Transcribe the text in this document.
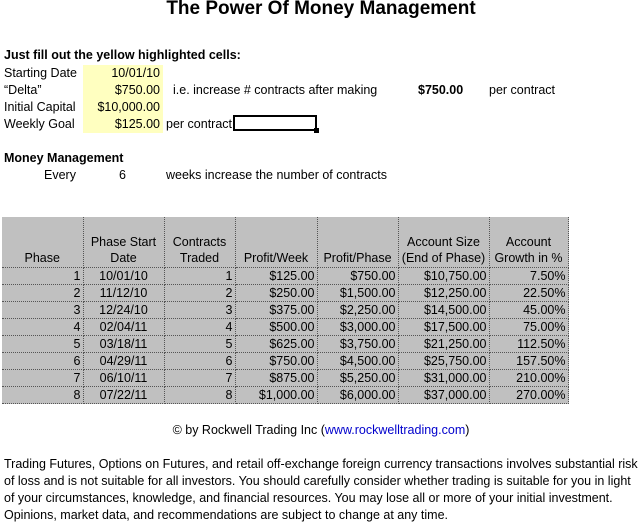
The Power Of Money Management
Just fill out the yellow highlighted cells:
Starting Date	10/01/10
“Delta”	$750.00 i.e. increase # contracts after making	$750.00 per contract
Initial Capital	$10,000.00
Weekly Goal	$125.00 per contract
Money Management
Every	6	weeks increase the number of contracts
Phase	Phase Start Date	Contracts Traded	Profit/Week	Profit/Phase	Account Size (End of Phase)	Account Growth in %
1	10/01/10	1	$125.00	$750.00	$10,750.00	7.50%
2	11/12/10	2	$250.00	$1,500.00	$12,250.00	22.50%
3	12/24/10	3	$375.00	$2,250.00	$14,500.00	45.00%
4	02/04/11	4	$500.00	$3,000.00	$17,500.00	75.00%
5	03/18/11	5	$625.00	$3,750.00	$21,250.00	112.50%
6	04/29/11	6	$750.00	$4,500.00	$25,750.00	157.50%
7	06/10/11	7	$875.00	$5,250.00	$31,000.00	210.00%
8	07/22/11	8	$1,000.00	$6,000.00	$37,000.00	270.00%
© by Rockwell Trading Inc (www.rockwelltrading.com)
Trading Futures, Options on Futures, and retail off-exchange foreign currency transactions involves substantial risk of loss and is not suitable for all investors. You should carefully consider whether trading is suitable for you in light of your circumstances, knowledge, and financial resources. You may lose all or more of your initial investment. Opinions, market data, and recommendations are subject to change at any time.
